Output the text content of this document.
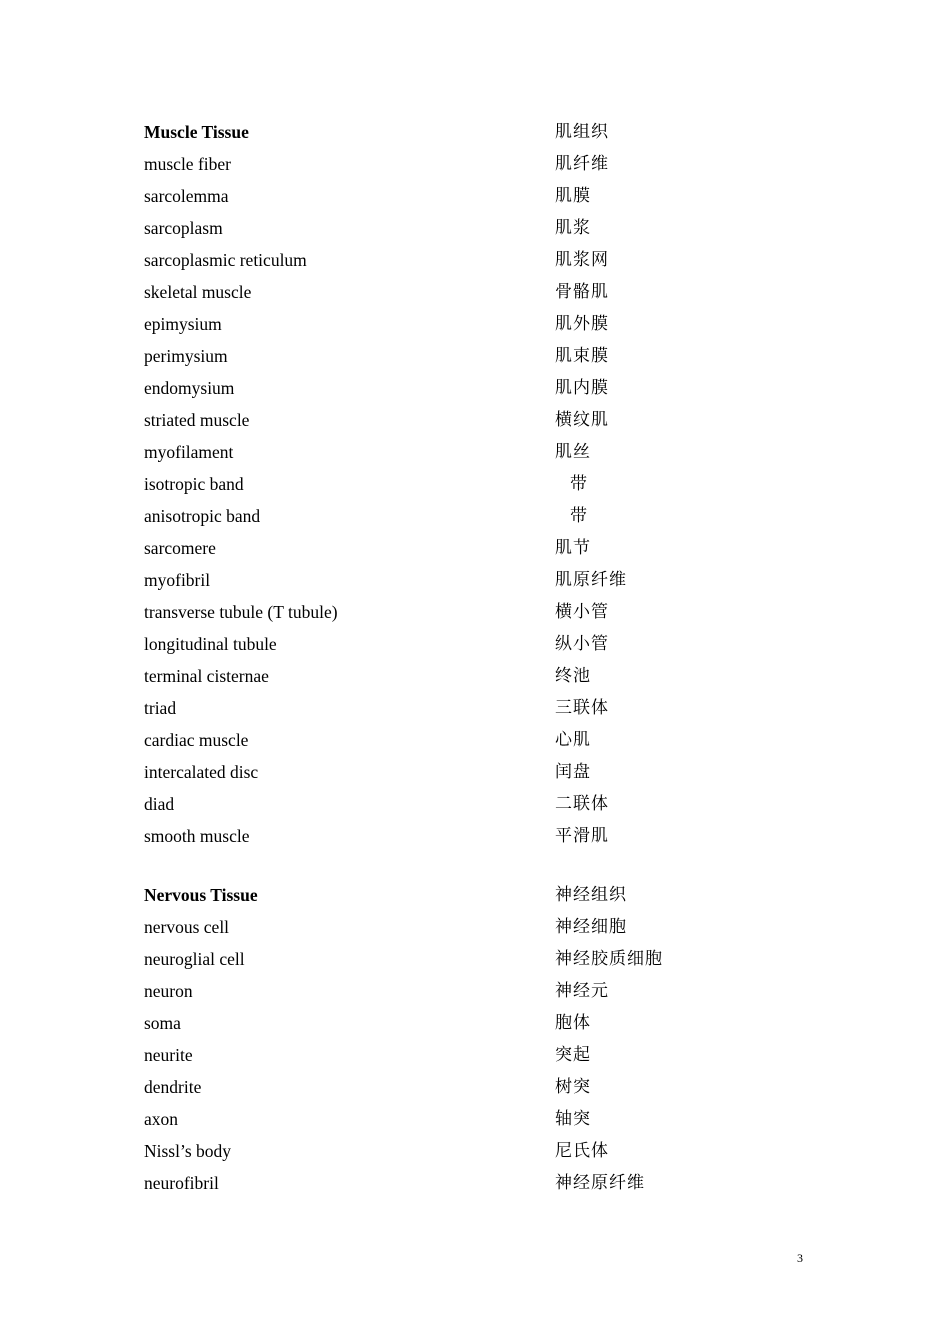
Muscle Tissue	肌组织
muscle fiber	肌纤维
sarcolemma	肌膜
sarcoplasm	肌浆
sarcoplasmic reticulum	肌浆网
skeletal muscle	骨骼肌
epimysium	肌外膜
perimysium	肌束膜
endomysium	肌内膜
striated muscle	横纹肌
myofilament	肌丝
isotropic band	带
anisotropic band	带
sarcomere	肌节
myofibril	肌原纤维
transverse tubule (T tubule)	横小管
longitudinal tubule	纵小管
terminal cisternae	终池
triad	三联体
cardiac muscle	心肌
intercalated disc	闰盘
diad	二联体
smooth muscle	平滑肌
Nervous Tissue	神经组织
nervous cell	神经细胞
neuroglial cell	神经胶质细胞
neuron	神经元
soma	胞体
neurite	突起
dendrite	树突
axon	轴突
Nissl’s body	尼氏体
neurofibril	神经原纤维
3
